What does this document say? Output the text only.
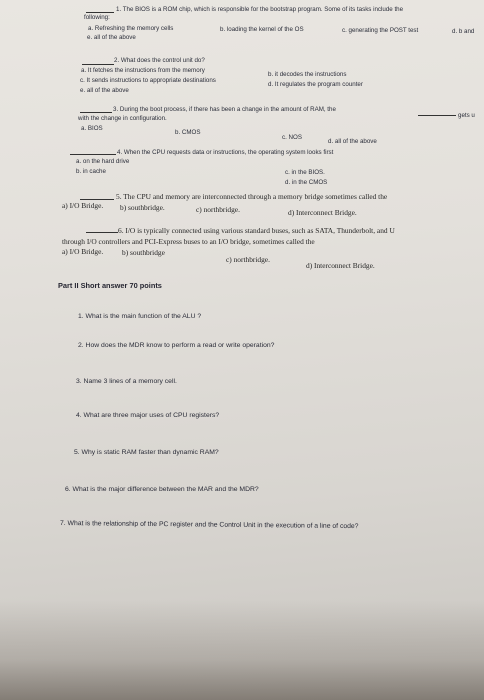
1. The BIOS is a ROM chip, which is responsible for the bootstrap program. Some of its tasks include the
following:
a. Refreshing the memory cells	b. loading the kernel of the OS	c. generating the POST test	d. b and
e. all of the above
2. What does the control unit do?
a. It fetches the instructions from the memory
b. it decodes the instructions
c. It sends instructions to appropriate destinations
d. It regulates the program counter
e. all of the above
3. During the boot process, if there has been a change in the amount of RAM, the
gets u
with the change in configuration.
a. BIOS
b. CMOS
c. NOS
d. all of the above
4. When the CPU requests data or instructions, the operating system looks first
a. on the hard drive
b. in cache	c. in the BIOS.
d. in the CMOS
5. The CPU and memory are interconnected through a memory bridge sometimes called the
a) I/O Bridge. b) southbridge.	c) northbridge.	d) Interconnect Bridge.
6. I/O is typically connected using various standard buses, such as SATA, Thunderbolt, and U
through I/O controllers and PCI-Express buses to an I/O bridge, sometimes called the
a) I/O Bridge.	b) southbridge
c) northbridge.
d) Interconnect Bridge.
Part II Short answer 70 points
1. What is the main function of the ALU ?
2. How does the MDR know to perform a read or write operation?
3. Name 3 lines of a memory cell.
4. What are three major uses of CPU registers?
5. Why is static RAM faster than dynamic RAM?
6. What is the major difference between the MAR and the MDR?
7. What is the relationship of the PC register and the Control Unit in the execution of a line of code?
